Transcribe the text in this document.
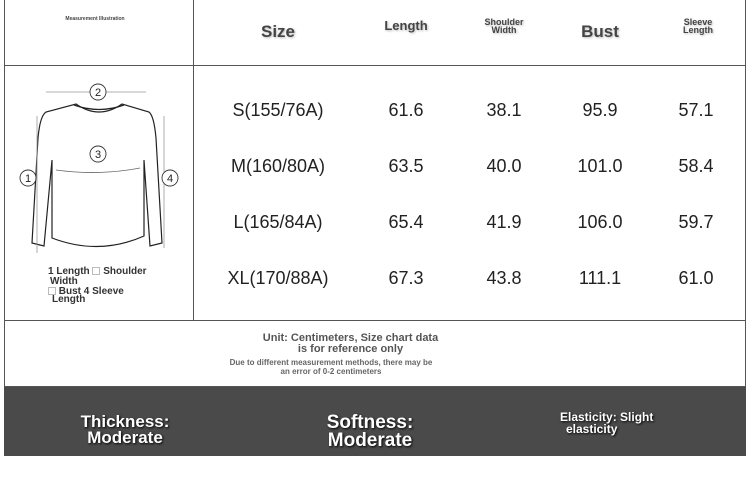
Measurement Illustration
Size	Length	Shoulder Width	Bust	Sleeve Length
1
2
3
4
1 Length Shoulder
Width
Bust 4 Sleeve
Length
S(155/76A)	61.6	38.1	95.9	57.1
M(160/80A)	63.5	40.0	101.0	58.4
L(165/84A)	65.4	41.9	106.0	59.7
XL(170/88A)	67.3	43.8	111.1	61.0
Unit: Centimeters, Size chart data is for reference only
Due to different measurement methods, there may be an error of 0-2 centimeters
Thickness:
Moderate
Softness:
Moderate
Elasticity: Slight
elasticity
